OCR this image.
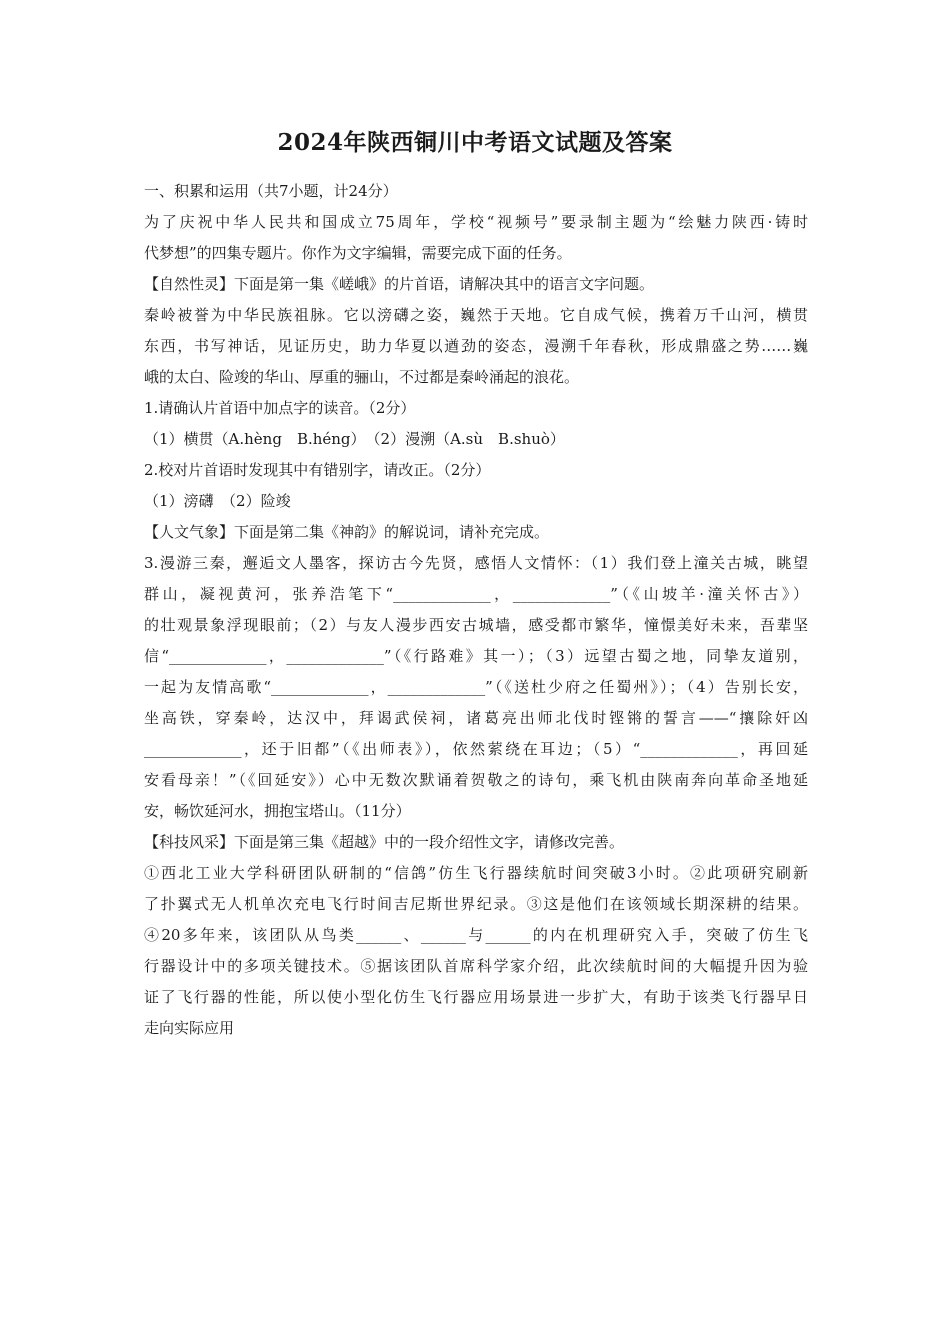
2024年陕西铜川中考语文试题及答案
一、积累和运用（共7小题，计24分）
为了庆祝中华人民共和国成立75周年，学校“视频号”要录制主题为“绘魅力陕西·铸时
代梦想”的四集专题片。你作为文字编辑，需要完成下面的任务。
【自然性灵】下面是第一集《嵯峨》的片首语，请解决其中的语言文字问题。
秦岭被誉为中华民族祖脉。它以滂礴之姿，巍然于天地。它自成气候，携着万千山河，横贯
东西，书写神话，见证历史，助力华夏以遒劲的姿态，漫溯千年春秋，形成鼎盛之势……巍
峨的太白、险竣的华山、厚重的骊山，不过都是秦岭涌起的浪花。
1.请确认片首语中加点字的读音。（2分）
（1）横贯（A.hèng　B.héng）　（2）漫溯（A.sù　B.shuò）
2.校对片首语时发现其中有错别字，请改正。（2分）
（1）滂礴　（2）险竣
【人文气象】下面是第二集《神韵》的解说词，请补充完成。
3.漫游三秦，邂逅文人墨客，探访古今先贤，感悟人文情怀：（1）我们登上潼关古城，眺望
群山，凝视黄河，张养浩笔下“_____________，_____________”（《山坡羊·潼关怀古》）
的壮观景象浮现眼前；（2）与友人漫步西安古城墙，感受都市繁华，憧憬美好未来，吾辈坚
信“_____________，_____________”（《行路难》其一）；（3）远望古蜀之地，同挚友道别，
一起为友情高歌“_____________，_____________”（《送杜少府之任蜀州》）；（4）告别长安，
坐高铁，穿秦岭，达汉中，拜谒武侯祠，诸葛亮出师北伐时铿锵的誓言——“攘除奸凶
_____________，还于旧都”（《出师表》），依然萦绕在耳边；（5）“_____________，再回延
安看母亲！”（《回延安》）心中无数次默诵着贺敬之的诗句，乘飞机由陕南奔向革命圣地延
安，畅饮延河水，拥抱宝塔山。（11分）
【科技风采】下面是第三集《超越》中的一段介绍性文字，请修改完善。
①西北工业大学科研团队研制的“信鸽”仿生飞行器续航时间突破3小时。②此项研究刷新
了扑翼式无人机单次充电飞行时间吉尼斯世界纪录。③这是他们在该领域长期深耕的结果。
④20多年来，该团队从鸟类______、______与______的内在机理研究入手，突破了仿生飞
行器设计中的多项关键技术。⑤据该团队首席科学家介绍，此次续航时间的大幅提升因为验
证了飞行器的性能，所以使小型化仿生飞行器应用场景进一步扩大，有助于该类飞行器早日
走向实际应用
